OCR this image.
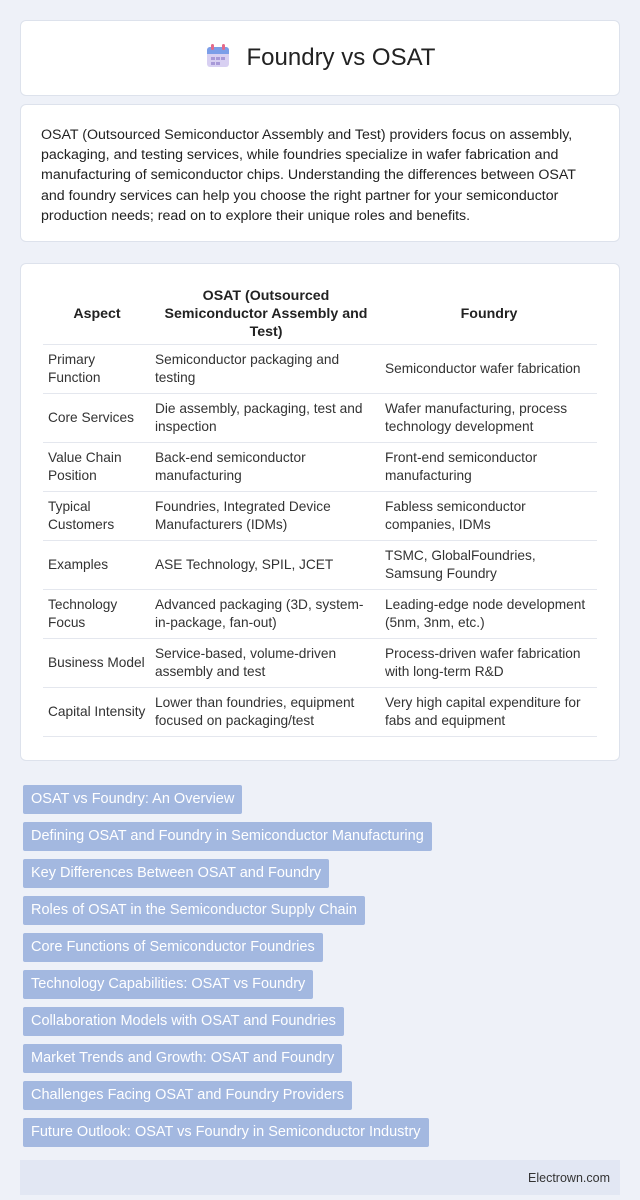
Foundry vs OSAT

OSAT (Outsourced Semiconductor Assembly and Test) providers focus on assembly, packaging, and testing services, while foundries specialize in wafer fabrication and manufacturing of semiconductor chips. Understanding the differences between OSAT and foundry services can help you choose the right partner for your semiconductor production needs; read on to explore their unique roles and benefits.

Aspect	OSAT (Outsourced Semiconductor Assembly and Test)	Foundry
Primary Function	Semiconductor packaging and testing	Semiconductor wafer fabrication
Core Services	Die assembly, packaging, test and inspection	Wafer manufacturing, process technology development
Value Chain Position	Back-end semiconductor manufacturing	Front-end semiconductor manufacturing
Typical Customers	Foundries, Integrated Device Manufacturers (IDMs)	Fabless semiconductor companies, IDMs
Examples	ASE Technology, SPIL, JCET	TSMC, GlobalFoundries, Samsung Foundry
Technology Focus	Advanced packaging (3D, system-in-package, fan-out)	Leading-edge node development (5nm, 3nm, etc.)
Business Model	Service-based, volume-driven assembly and test	Process-driven wafer fabrication with long-term R&D
Capital Intensity	Lower than foundries, equipment focused on packaging/test	Very high capital expenditure for fabs and equipment
OSAT vs Foundry: An Overview
Defining OSAT and Foundry in Semiconductor Manufacturing
Key Differences Between OSAT and Foundry
Roles of OSAT in the Semiconductor Supply Chain
Core Functions of Semiconductor Foundries
Technology Capabilities: OSAT vs Foundry
Collaboration Models with OSAT and Foundries
Market Trends and Growth: OSAT and Foundry
Challenges Facing OSAT and Foundry Providers
Future Outlook: OSAT vs Foundry in Semiconductor Industry
Electrown.com
